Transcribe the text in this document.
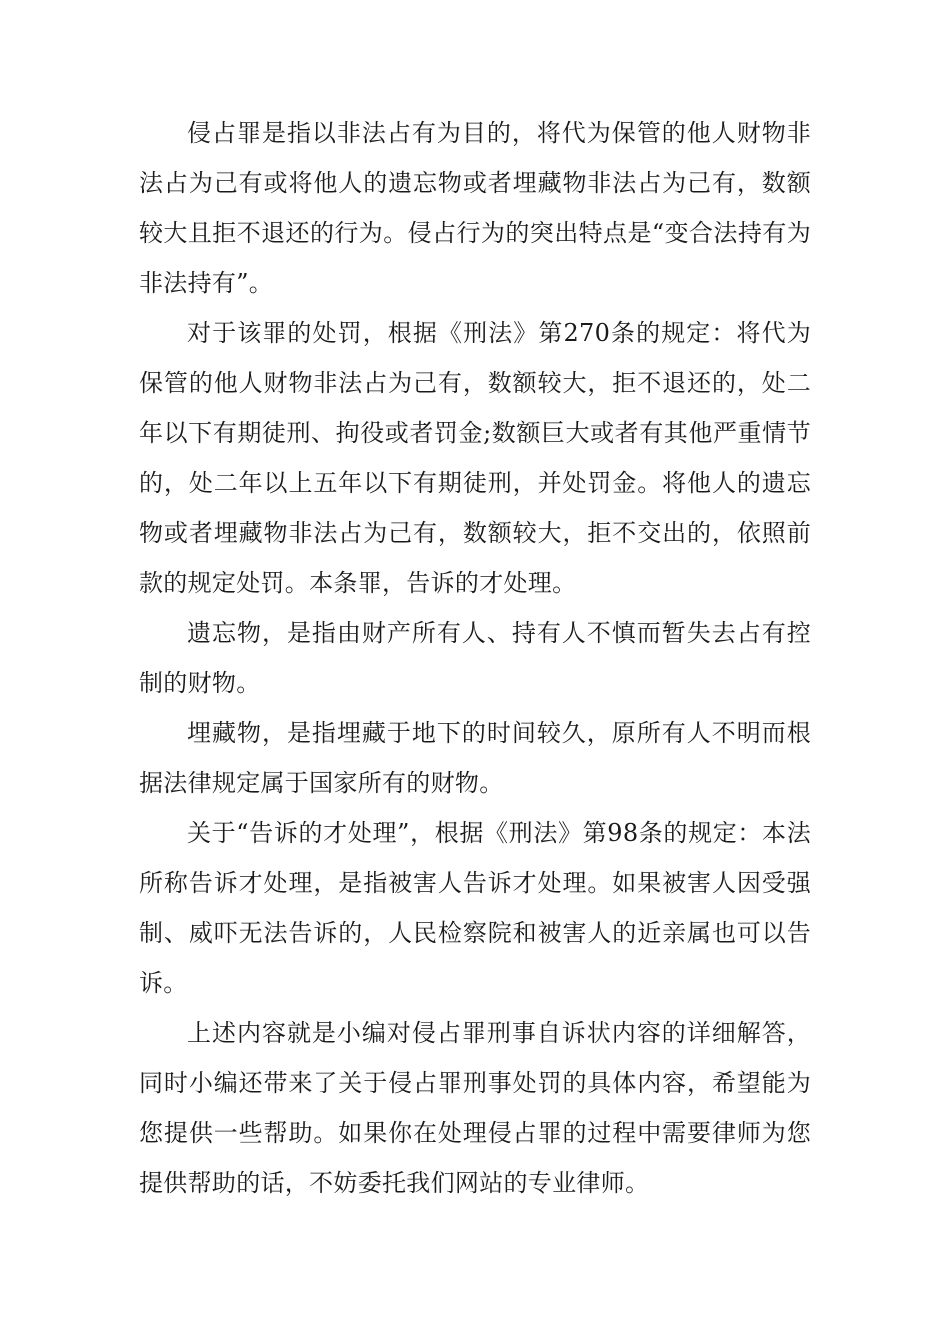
侵占罪是指以非法占有为目的，将代为保管的他人财物非法占为己有或将他人的遗忘物或者埋藏物非法占为己有，数额较大且拒不退还的行为。侵占行为的突出特点是“变合法持有为非法持有”。

对于该罪的处罚，根据《刑法》第270条的规定：将代为保管的他人财物非法占为己有，数额较大，拒不退还的，处二年以下有期徒刑、拘役或者罚金;数额巨大或者有其他严重情节的，处二年以上五年以下有期徒刑，并处罚金。将他人的遗忘物或者埋藏物非法占为己有，数额较大，拒不交出的，依照前款的规定处罚。本条罪，告诉的才处理。

遗忘物，是指由财产所有人、持有人不慎而暂失去占有控制的财物。

埋藏物，是指埋藏于地下的时间较久，原所有人不明而根据法律规定属于国家所有的财物。

关于“告诉的才处理”，根据《刑法》第98条的规定：本法所称告诉才处理，是指被害人告诉才处理。如果被害人因受强制、威吓无法告诉的，人民检察院和被害人的近亲属也可以告诉。

上述内容就是小编对侵占罪刑事自诉状内容的详细解答，同时小编还带来了关于侵占罪刑事处罚的具体内容，希望能为您提供一些帮助。如果你在处理侵占罪的过程中需要律师为您提供帮助的话，不妨委托我们网站的专业律师。
